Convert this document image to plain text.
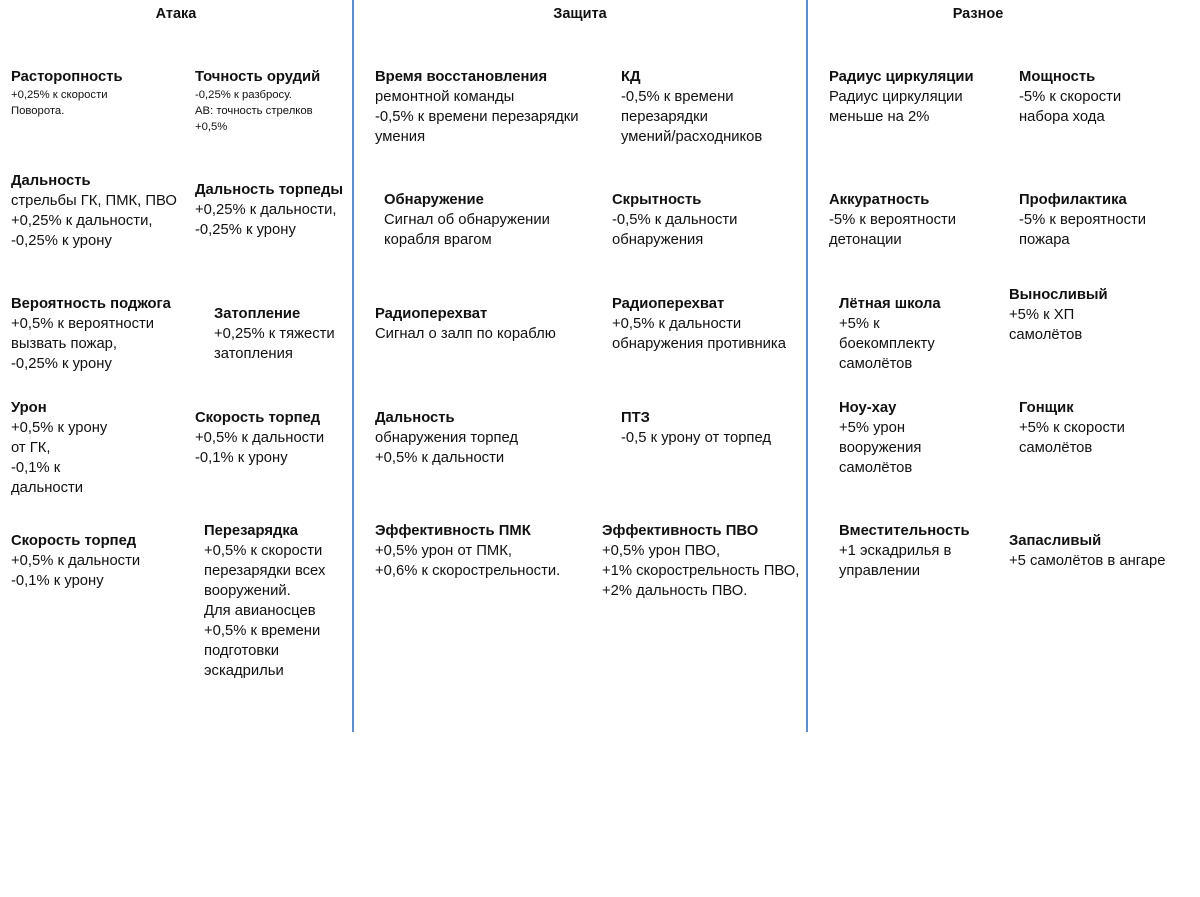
Атака	Защита	Разное
Расторопность
+0,25% к скорости
Поворота.
Точность орудий
-0,25% к разбросу.
АВ: точность стрелков
+0,5%
Дальность
стрельбы ГК, ПМК, ПВО
+0,25% к дальности,
-0,25% к урону
Дальность торпеды
+0,25% к дальности,
-0,25% к урону
Вероятность поджога
+0,5% к вероятности
вызвать пожар,
-0,25% к урону
Затопление
+0,25% к тяжести
затопления
Урон
+0,5% к урону
от ГК,
-0,1% к
дальности
Скорость торпед
+0,5% к дальности
-0,1% к урону
Скорость торпед
+0,5% к дальности
-0,1% к урону
Перезарядка
+0,5% к скорости
перезарядки всех
вооружений.
Для авианосцев
+0,5% к времени
подготовки
эскадрильи
Время восстановления
ремонтной команды
-0,5% к времени перезарядки
умения
КД
-0,5% к времени
перезарядки
умений/расходников
Обнаружение
Сигнал об обнаружении
корабля врагом
Скрытность
-0,5% к дальности
обнаружения
Радиоперехват
Сигнал о залп по кораблю
Радиоперехват
+0,5% к дальности
обнаружения противника
Дальность
обнаружения торпед
+0,5% к дальности
ПТЗ
-0,5 к урону от торпед
Эффективность ПМК
+0,5% урон от ПМК,
+0,6% к скорострельности.
Эффективность ПВО
+0,5% урон ПВО,
+1% скорострельность ПВО,
+2% дальность ПВО.
Радиус циркуляции
Радиус циркуляции
меньше на 2%
Мощность
-5% к скорости
набора хода
Аккуратность
-5% к вероятности
детонации
Профилактика
-5% к вероятности
пожара
Лётная школа
+5% к
боекомплекту
самолётов
Выносливый
+5% к ХП
самолётов
Ноу-хау
+5% урон
вооружения
самолётов
Гонщик
+5% к скорости
самолётов
Вместительность
+1 эскадрилья в
управлении
Запасливый
+5 самолётов в ангаре
